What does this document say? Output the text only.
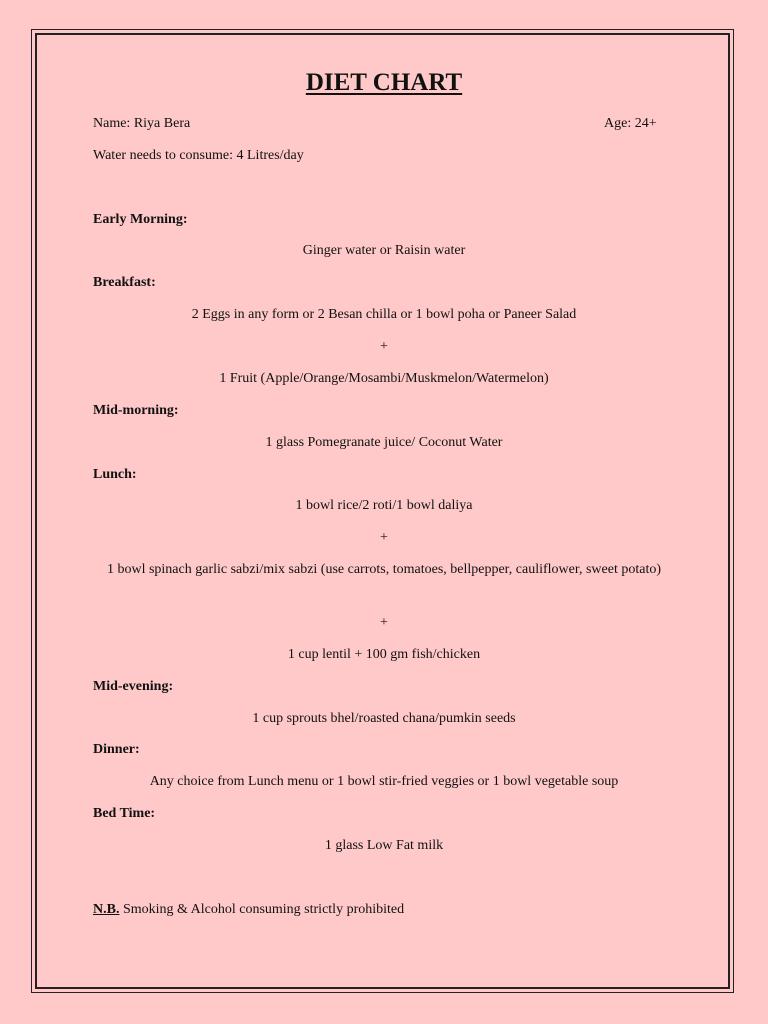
DIET CHART
Name: Riya Bera	Age: 24+
Water needs to consume: 4 Litres/day
Early Morning:
Ginger water or Raisin water
Breakfast:
2 Eggs in any form or 2 Besan chilla or 1 bowl poha or Paneer Salad
+
1 Fruit (Apple/Orange/Mosambi/Muskmelon/Watermelon)
Mid-morning:
1 glass Pomegranate juice/ Coconut Water
Lunch:
1 bowl rice/2 roti/1 bowl daliya
+
1 bowl spinach garlic sabzi/mix sabzi (use carrots, tomatoes, bellpepper, cauliflower, sweet potato)
+
1 cup lentil + 100 gm fish/chicken
Mid-evening:
1 cup sprouts bhel/roasted chana/pumkin seeds
Dinner:
Any choice from Lunch menu or 1 bowl stir-fried veggies or 1 bowl vegetable soup
Bed Time:
1 glass Low Fat milk
N.B. Smoking & Alcohol consuming strictly prohibited
